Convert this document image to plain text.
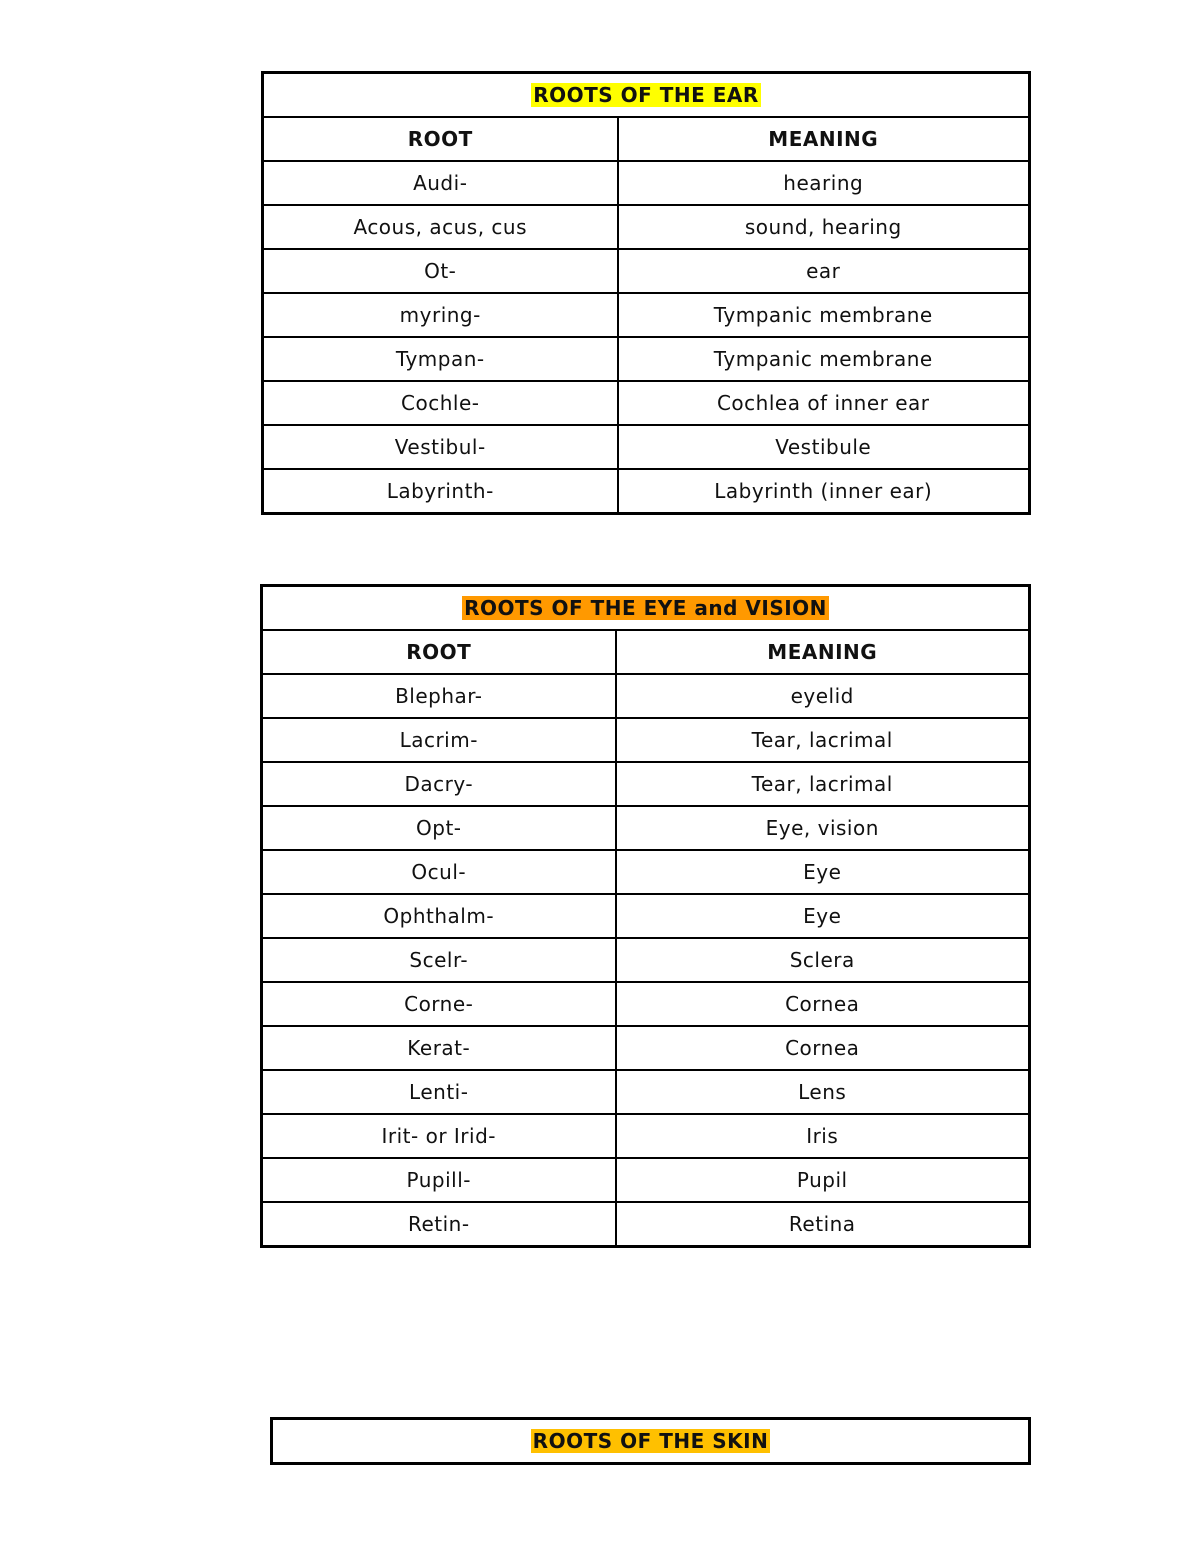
ROOTS OF THE EAR	
ROOT	MEANING
Audi-	hearing
Acous, acus, cus	sound, hearing
Ot-	ear
myring-	Tympanic membrane
Tympan-	Tympanic membrane
Cochle-	Cochlea of inner ear
Vestibul-	Vestibule
Labyrinth-	Labyrinth (inner ear)
ROOTS OF THE EYE and VISION	
ROOT	MEANING
Blephar-	eyelid
Lacrim-	Tear, lacrimal
Dacry-	Tear, lacrimal
Opt-	Eye, vision
Ocul-	Eye
Ophthalm-	Eye
Scelr-	Sclera
Corne-	Cornea
Kerat-	Cornea
Lenti-	Lens
Irit- or Irid-	Iris
Pupill-	Pupil
Retin-	Retina
ROOTS OF THE SKIN
